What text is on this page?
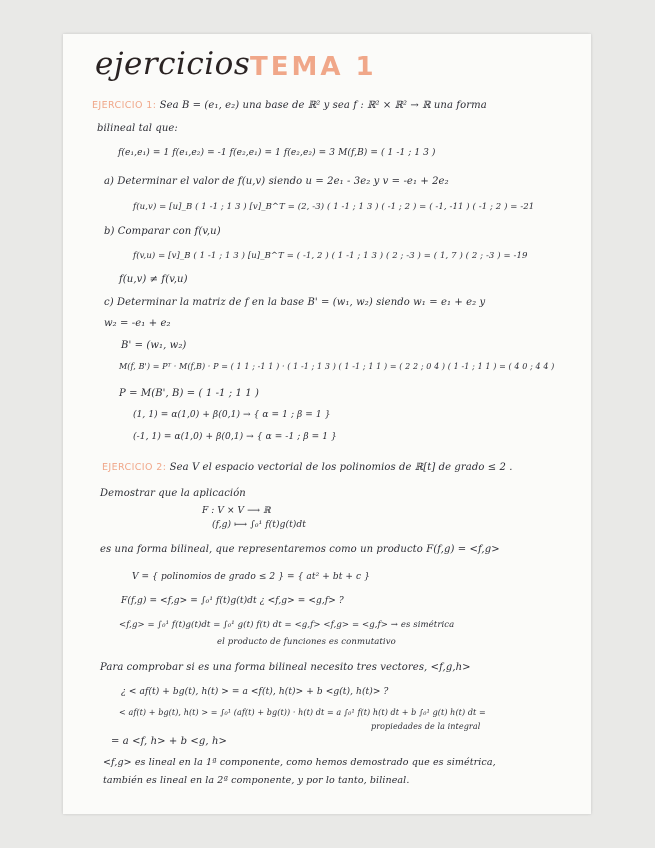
ejercicios TEMA 1
EJERCICIO 1: Sea B = (e₁, e₂) una base de ℝ² y sea f : ℝ² × ℝ² → ℝ una forma
bilineal tal que:
f(e₁,e₁) = 1 f(e₁,e₂) = -1 f(e₂,e₁) = 1 f(e₂,e₂) = 3 M(f,B) = ( 1 -1 ; 1 3 )
a) Determinar el valor de f(u,v) siendo u = 2e₁ - 3e₂ y v = -e₁ + 2e₂
f(u,v) = [u]_B ( 1 -1 ; 1 3 ) [v]_B^T = (2, -3) ( 1 -1 ; 1 3 ) ( -1 ; 2 ) = ( -1, -11 ) ( -1 ; 2 ) = -21
b) Comparar con f(v,u)
f(v,u) = [v]_B ( 1 -1 ; 1 3 ) [u]_B^T = ( -1, 2 ) ( 1 -1 ; 1 3 ) ( 2 ; -3 ) = ( 1, 7 ) ( 2 ; -3 ) = -19
f(u,v) ≠ f(v,u)
c) Determinar la matriz de f en la base B' = (w₁, w₂) siendo w₁ = e₁ + e₂ y
w₂ = -e₁ + e₂
B' = (w₁, w₂)
M(f, B') = Pᵀ · M(f,B) · P = ( 1 1 ; -1 1 ) · ( 1 -1 ; 1 3 ) ( 1 -1 ; 1 1 ) = ( 2 2 ; 0 4 ) ( 1 -1 ; 1 1 ) = ( 4 0 ; 4 4 )
P = M(B', B) = ( 1 -1 ; 1 1 )
(1, 1) = α(1,0) + β(0,1) → { α = 1 ; β = 1 }
(-1, 1) = α(1,0) + β(0,1) → { α = -1 ; β = 1 }
EJERCICIO 2: Sea V el espacio vectorial de los polinomios de ℝ[t] de grado ≤ 2 .
Demostrar que la aplicación
F : V × V ⟶ ℝ
(f,g) ⟼ ∫₀¹ f(t)g(t)dt
es una forma bilineal, que representaremos como un producto F(f,g) = <f,g>
V = { polinomios de grado ≤ 2 } = { at² + bt + c }
F(f,g) = <f,g> = ∫₀¹ f(t)g(t)dt ¿ <f,g> = <g,f> ?
<f,g> = ∫₀¹ f(t)g(t)dt = ∫₀¹ g(t) f(t) dt = <g,f> <f,g> = <g,f> → es simétrica
el producto de funciones es conmutativo
Para comprobar si es una forma bilineal necesito tres vectores, <f,g,h>
¿ < af(t) + bg(t), h(t) > = a <f(t), h(t)> + b <g(t), h(t)> ?
< af(t) + bg(t), h(t) > = ∫₀¹ (af(t) + bg(t)) · h(t) dt = a ∫₀¹ f(t) h(t) dt + b ∫₀¹ g(t) h(t) dt =
propiedades de la integral
= a <f, h> + b <g, h>
<f,g> es lineal en la 1ª componente, como hemos demostrado que es simétrica,
también es lineal en la 2ª componente, y por lo tanto, bilineal.
